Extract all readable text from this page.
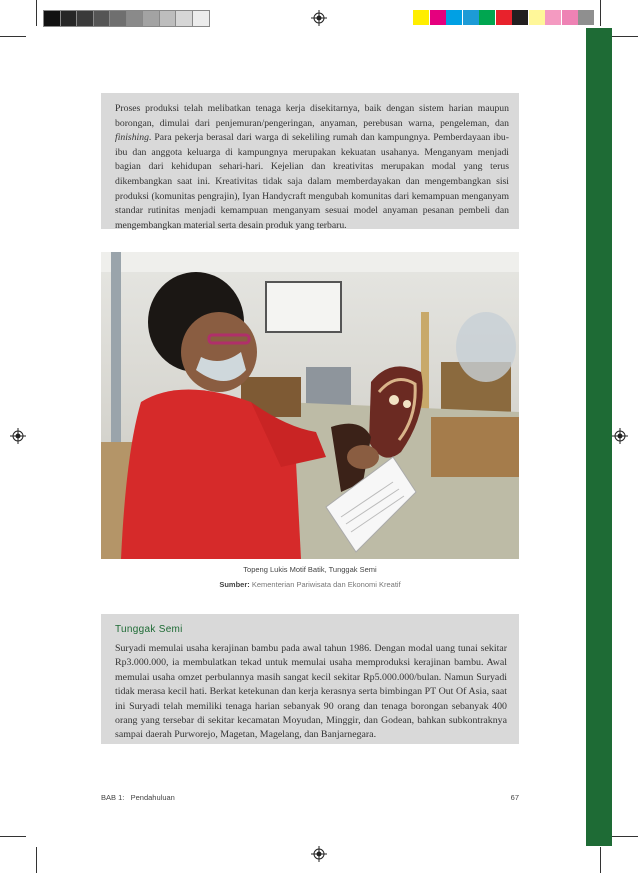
Proses produksi telah melibatkan tenaga kerja disekitarnya, baik dengan sistem harian maupun borongan, dimulai dari penjemuran/pengeringan, anyaman, perebusan warna, pengeleman, dan finishing. Para pekerja berasal dari warga di sekeliling rumah dan kampungnya. Pemberdayaan ibu-ibu dan anggota keluarga di kampungnya merupakan kekuatan usahanya. Menganyam menjadi bagian dari kehidupan sehari-hari. Kejelian dan kreativitas merupakan modal yang terus dikembangkan saat ini. Kreativitas tidak saja dalam memberdayakan dan mengembangkan sisi produksi (komunitas pengrajin), Iyan Handycraft mengubah komunitas dari kemampuan menganyam standar rutinitas menjadi kemampuan menganyam sesuai model anyaman pesanan pembeli dan mengembangkan material serta desain produk yang terbaru.

Topeng Lukis Motif Batik, Tunggak Semi
Sumber: Kementerian Pariwisata dan Ekonomi Kreatif

Tunggak Semi

Suryadi memulai usaha kerajinan bambu pada awal tahun 1986. Dengan modal uang tunai sekitar Rp3.000.000, ia membulatkan tekad untuk memulai usaha memproduksi kerajinan bambu. Awal memulai usaha omzet perbulannya masih sangat kecil sekitar Rp5.000.000/bulan. Namun Suryadi tidak merasa kecil hati. Berkat ketekunan dan kerja kerasnya serta bimbingan PT Out Of Asia, saat ini Suryadi telah memiliki tenaga harian sebanyak 90 orang dan tenaga borongan sebanyak 400 orang yang tersebar di sekitar kecamatan Moyudan, Minggir, dan Godean, bahkan subkontraknya sampai daerah Purworejo, Magetan, Magelang, dan Banjarnegara.

BAB 1: Pendahuluan	67
